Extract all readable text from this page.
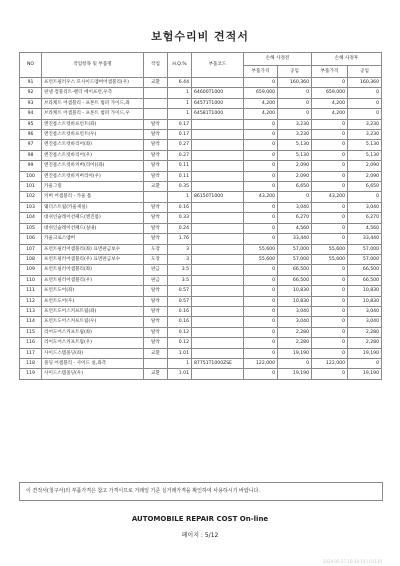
보험수리비 견적서
NO	작업항목 및 부품명	작업	H.Q.%	부품코드	손해 사정전		손해 사정후	
					부품가격	공임	부품가격	공임
91	프런트필러우스 모사이드멤버어셈블리(우)	교환	6.44		0	160,360	0	160,360
92	판넬 컴플리트-펜더 에이프런,우측		1	64600T1000	659,000	0	659,000	0
93	브라케트 어셈블리 - 프론트 범퍼 가이드,좌		1	64571T1000	4,200	0	4,200	0
94	브라케트 어셈블리 - 프론트 범퍼 가이드,우		1	64581T1000	4,200	0	4,200	0
95	엔진룸스트럿바프런트(좌)	탈착	0.17		0	3,230	0	3,230
96	엔진룸스트럿바프런트(우)	탈착	0.17		0	3,230	0	3,230
97	엔진룸스트럿바리어(좌)	탈착	0.27		0	5,130	0	5,130
98	엔진룸스트럿바리어(우)	탈착	0.27		0	5,130	0	5,130
99	엔진룸스트럿바커버(리어)(좌)	탈착	0.11		0	2,090	0	2,090
100	엔진룸스트럿바커버리어(우)	탈착	0.11		0	2,090	0	2,090
101	카울그릴	교환	0.35		0	6,650	0	6,650
102	커버 어셈블리 - 카울 톱		1	86150T1000	43,200	0	43,200	0
103	웨더스트립(카울세실)	탈착	0.16		0	3,040	0	3,040
104	대쉬인슐레이션패드(엔진룸)	탈착	0.33		0	6,270	0	6,270
105	대쉬인슐레이션패드(실내)	탈착	0.24		0	4,560	0	4,560
106	카울크로스멤버	탈착	1.76		0	33,440	0	33,440
107	프런트필러어셈블리(좌) 표면판금보수	도장	3		55,600	57,000	55,600	57,000
108	프런트필러어셈블리(우) 표면판금보수	도장	3		55,600	57,000	55,600	57,000
109	프런트필러어셈블리(좌)	판금	3.5		0	66,500	0	66,500
110	프런트필러어셈블리(우)	판금	3.5		0	66,500	0	66,500
111	프런트도어(좌)	탈착	0.57		0	10,830	0	10,830
112	프런트도어(우)	탈착	0.57		0	10,830	0	10,830
113	프런트도어스커프트립(좌)	탈착	0.16		0	3,040	0	3,040
114	프런트도어스커프트립(우)	탈착	0.16		0	3,040	0	3,040
115	리어도어스커프트립(좌)	탈착	0.12		0	2,280	0	2,280
116	리어도어스커프트립(우)	탈착	0.12		0	2,280	0	2,280
117	사이드스텝몰딩(좌)	교환	1.01		0	19,190	0	19,190
118	몰딩 어셈블리 - 사이드 실,좌측		1	87751T1000ZSE	122,000	0	122,000	0
119	사이드스텝몰딩(우)	교환	1.01		0	19,190	0	19,190
이 견적서(청구서)의 부품가격은 참고 가격이므로 거래일 기준 실거래가격을 확인하여 사용하시기 바랍니다.
AUTOMOBILE REPAIR COST On-line
페이지 : 5/12
2024-05-27 10:34:10 / 01130
